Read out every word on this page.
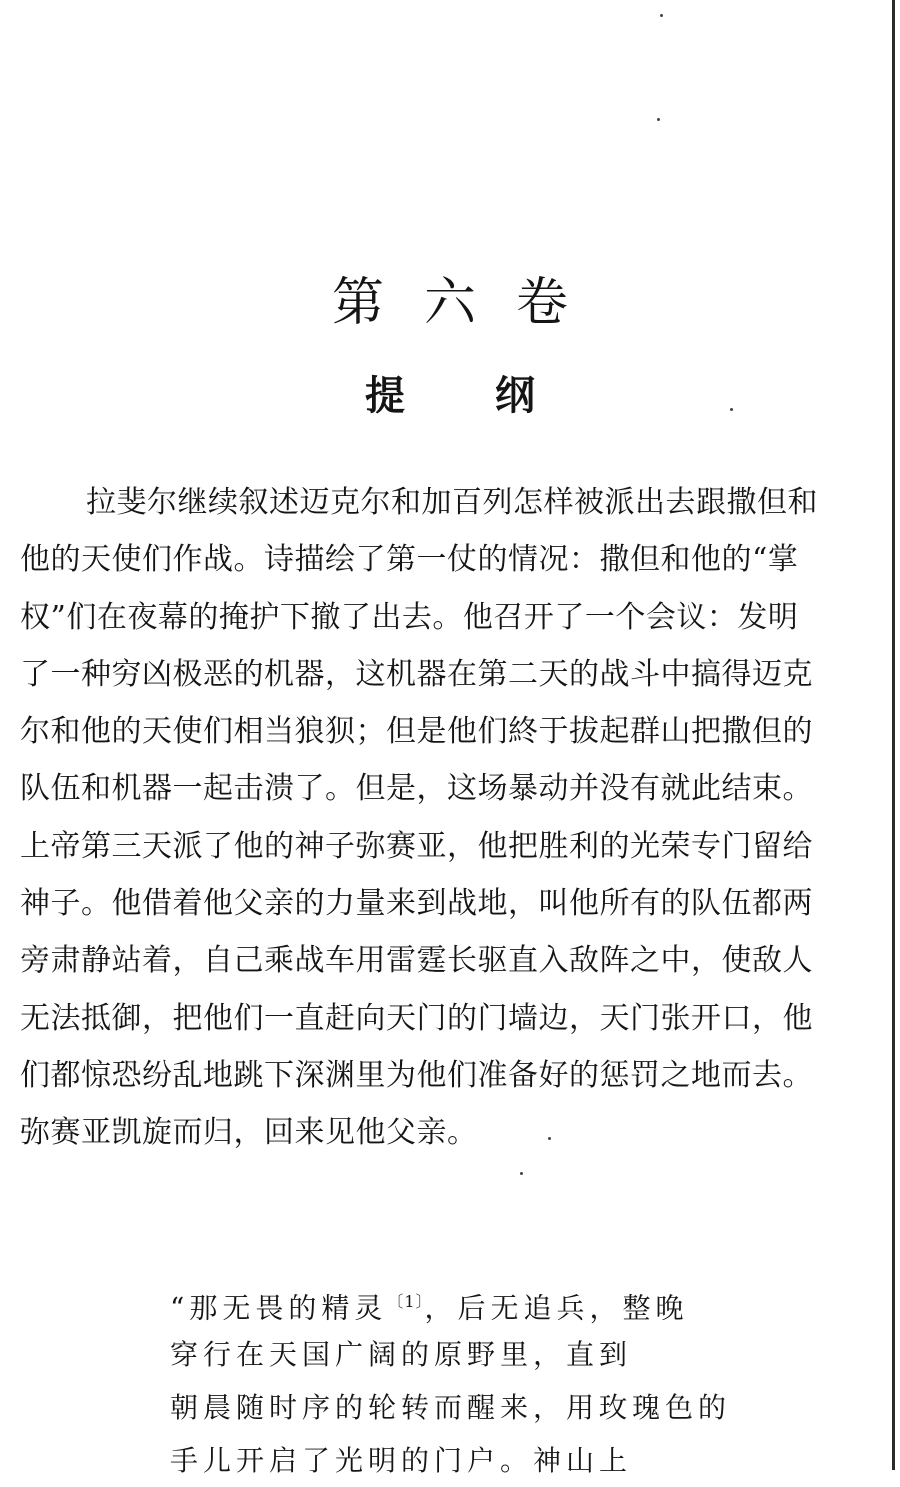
第六卷
提纲
拉斐尔继续叙述迈克尔和加百列怎样被派出去跟撒但和
他的天使们作战。诗描绘了第一仗的情况：撒但和他的“掌
权”们在夜幕的掩护下撤了出去。他召开了一个会议：发明
了一种穷凶极恶的机器，这机器在第二天的战斗中搞得迈克
尔和他的天使们相当狼狈；但是他们終于拔起群山把撒但的
队伍和机器一起击溃了。但是，这场暴动并没有就此结束。
上帝第三天派了他的神子弥赛亚，他把胜利的光荣专门留给
神子。他借着他父亲的力量来到战地，叫他所有的队伍都两
旁肃静站着，自己乘战车用雷霆长驱直入敌阵之中，使敌人
无法抵御，把他们一直赶向天门的门墙边，天门张开口，他
们都惊恐纷乱地跳下深渊里为他们准备好的惩罚之地而去。
弥赛亚凯旋而归，回来见他父亲。
“那无畏的精灵$^{〔1〕}$，后无追兵，整晚
穿行在天国广阔的原野里，直到
朝晨随时序的轮转而醒来，用玫瑰色的
手儿开启了光明的门户。神山上
